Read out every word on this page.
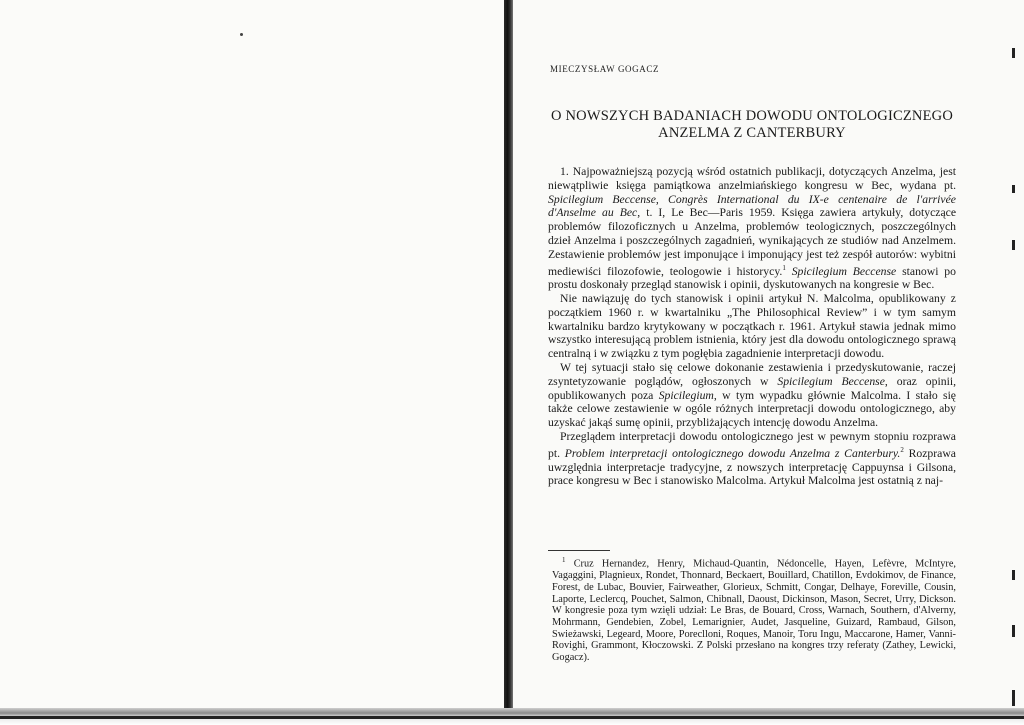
MIECZYSŁAW GOGACZ
O NOWSZYCH BADANIACH DOWODU ONTOLOGICZNEGO
ANZELMA Z CANTERBURY

1. Najpoważniejszą pozycją wśród ostatnich publikacji, dotyczących Anzelma, jest niewątpliwie księga pamiątkowa anzelmiańskiego kongresu w Bec, wydana pt. Spicilegium Beccense, Congrès International du IX-e centenaire de l'arrivée d'Anselme au Bec, t. I, Le Bec—Paris 1959. Księga zawiera artykuły, dotyczące problemów filozoficznych u Anzelma, problemów teologicznych, poszczególnych dzieł Anzelma i poszczególnych zagadnień, wynikających ze studiów nad Anzelmem. Zestawienie problemów jest imponujące i imponujący jest też zespół autorów: wybitni mediewiści filozofowie, teologowie i historycy.$^1$ Spicilegium Beccense stanowi po prostu doskonały przegląd stanowisk i opinii, dyskutowanych na kongresie w Bec.

Nie nawiązuję do tych stanowisk i opinii artykuł N. Malcolma, opublikowany z początkiem 1960 r. w kwartalniku „The Philosophical Review” i w tym samym kwartalniku bardzo krytykowany w początkach r. 1961. Artykuł stawia jednak mimo wszystko interesującą problem istnienia, który jest dla dowodu ontologicznego sprawą centralną i w związku z tym pogłębia zagadnienie interpretacji dowodu.

W tej sytuacji stało się celowe dokonanie zestawienia i przedyskutowanie, raczej zsyntetyzowanie poglądów, ogłoszonych w Spicilegium Beccense, oraz opinii, opublikowanych poza Spicilegium, w tym wypadku głównie Malcolma. I stało się także celowe zestawienie w ogóle różnych interpretacji dowodu ontologicznego, aby uzyskać jakąś sumę opinii, przybliżających intencję dowodu Anzelma.

Przeglądem interpretacji dowodu ontologicznego jest w pewnym stopniu rozprawa pt. Problem interpretacji ontologicznego dowodu Anzelma z Canterbury.$^2$ Rozprawa uwzględnia interpretacje tradycyjne, z nowszych interpretację Cappuynsa i Gilsona, prace kongresu w Bec i stanowisko Malcolma. Artykuł Malcolma jest ostatnią z naj-

$^1$ Cruz Hernandez, Henry, Michaud-Quantin, Nédoncelle, Hayen, Lefèvre, McIntyre, Vagaggini, Plagnieux, Rondet, Thonnard, Beckaert, Bouillard, Chatillon, Evdokimov, de Finance, Forest, de Lubac, Bouvier, Fairweather, Glorieux, Schmitt, Congar, Delhaye, Foreville, Cousin, Laporte, Leclercq, Pouchet, Salmon, Chibnall, Daoust, Dickinson, Mason, Secret, Urry, Dickson. W kongresie poza tym wzięli udział: Le Bras, de Bouard, Cross, Warnach, Southern, d'Alverny, Mohrmann, Gendebien, Zobel, Lemarignier, Audet, Jasqueline, Guizard, Rambaud, Gilson, Swieżawski, Legeard, Moore, Poreclloni, Roques, Manoir, Toru Ingu, Maccarone, Hamer, Vanni-Rovighi, Grammont, Kłoczowski. Z Polski przesłano na kongres trzy referaty (Zathey, Lewicki, Gogacz).
